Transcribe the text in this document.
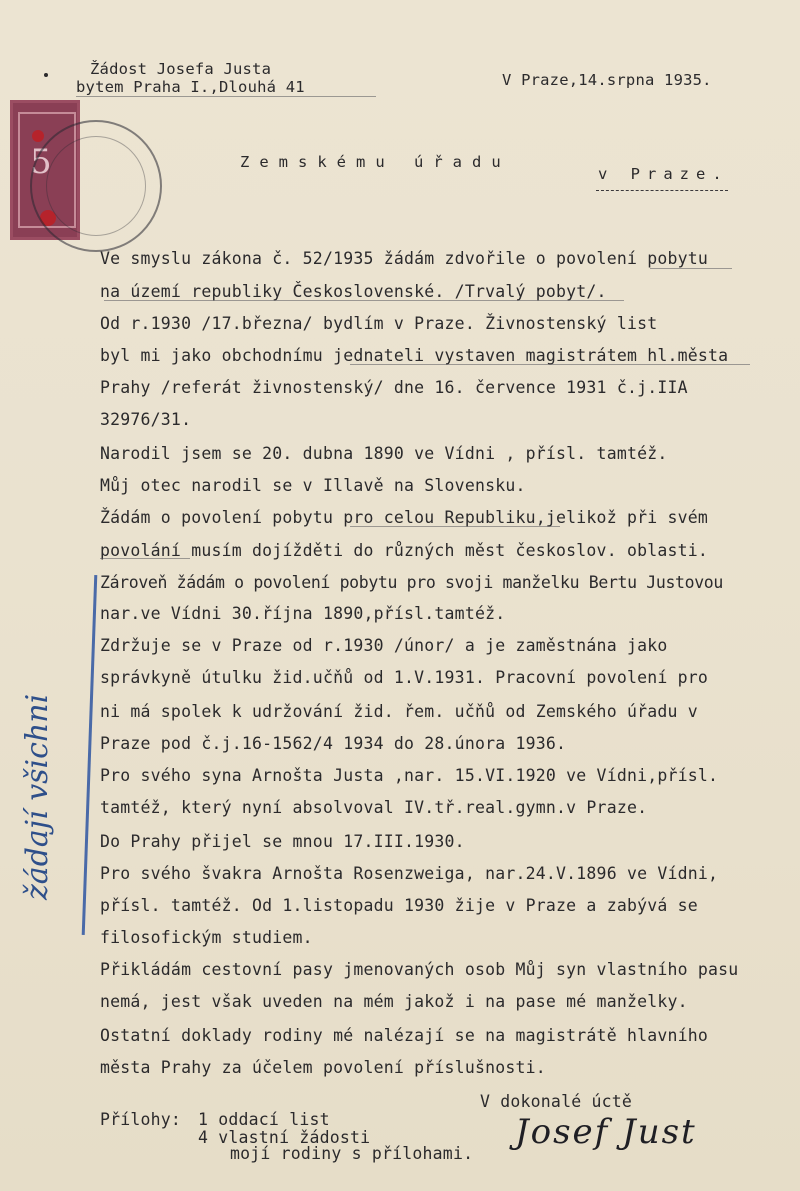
5
Žádost Josefa Justa
bytem Praha I.,Dlouhá 41	V Praze,14.srpna 1935.
Zemskému úřadu
v Praze.
Ve smyslu zákona č. 52/1935 žádám zdvořile o povolení pobytu
na území republiky Československé. /Trvalý pobyt/.
Od r.1930 /17.března/ bydlím v Praze. Živnostenský list
byl mi jako obchodnímu jednateli vystaven magistrátem hl.města
Prahy /referát živnostenský/ dne 16. července 1931 č.j.IIA
32976/31.
Narodil jsem se 20. dubna 1890 ve Vídni , přísl. tamtéž.
Můj otec narodil se v Illavě na Slovensku.
Žádám o povolení pobytu pro celou Republiku,jelikož při svém
povolání musím dojížděti do různých měst českoslov. oblasti.
Zároveň žádám o povolení pobytu pro svoji manželku Bertu Justovou
nar.ve Vídni 30.října 1890,přísl.tamtéž.
Zdržuje se v Praze od r.1930 /únor/ a je zaměstnána jako
správkyně útulku žid.učňů od 1.V.1931. Pracovní povolení pro
ni má spolek k udržování žid. řem. učňů od Zemského úřadu v
Praze pod č.j.16-1562/4 1934 do 28.února 1936.
Pro svého syna Arnošta Justa ,nar. 15.VI.1920 ve Vídni,přísl.
tamtéž, který nyní absolvoval IV.tř.real.gymn.v Praze.
Do Prahy přijel se mnou 17.III.1930.
Pro svého švakra Arnošta Rosenzweiga, nar.24.V.1896 ve Vídni,
přísl. tamtéž. Od 1.listopadu 1930 žije v Praze a zabývá se
filosofickým studiem.
Přikládám cestovní pasy jmenovaných osob Můj syn vlastního pasu
nemá, jest však uveden na mém jakož i na pase mé manželky.
Ostatní doklady rodiny mé nalézají se na magistrátě hlavního
města Prahy za účelem povolení příslušnosti.
žádají všichni
V dokonalé úctě
Josef Just
Přílohy: 1 oddací list
4 vlastní žádosti
mojí rodiny s přílohami.
